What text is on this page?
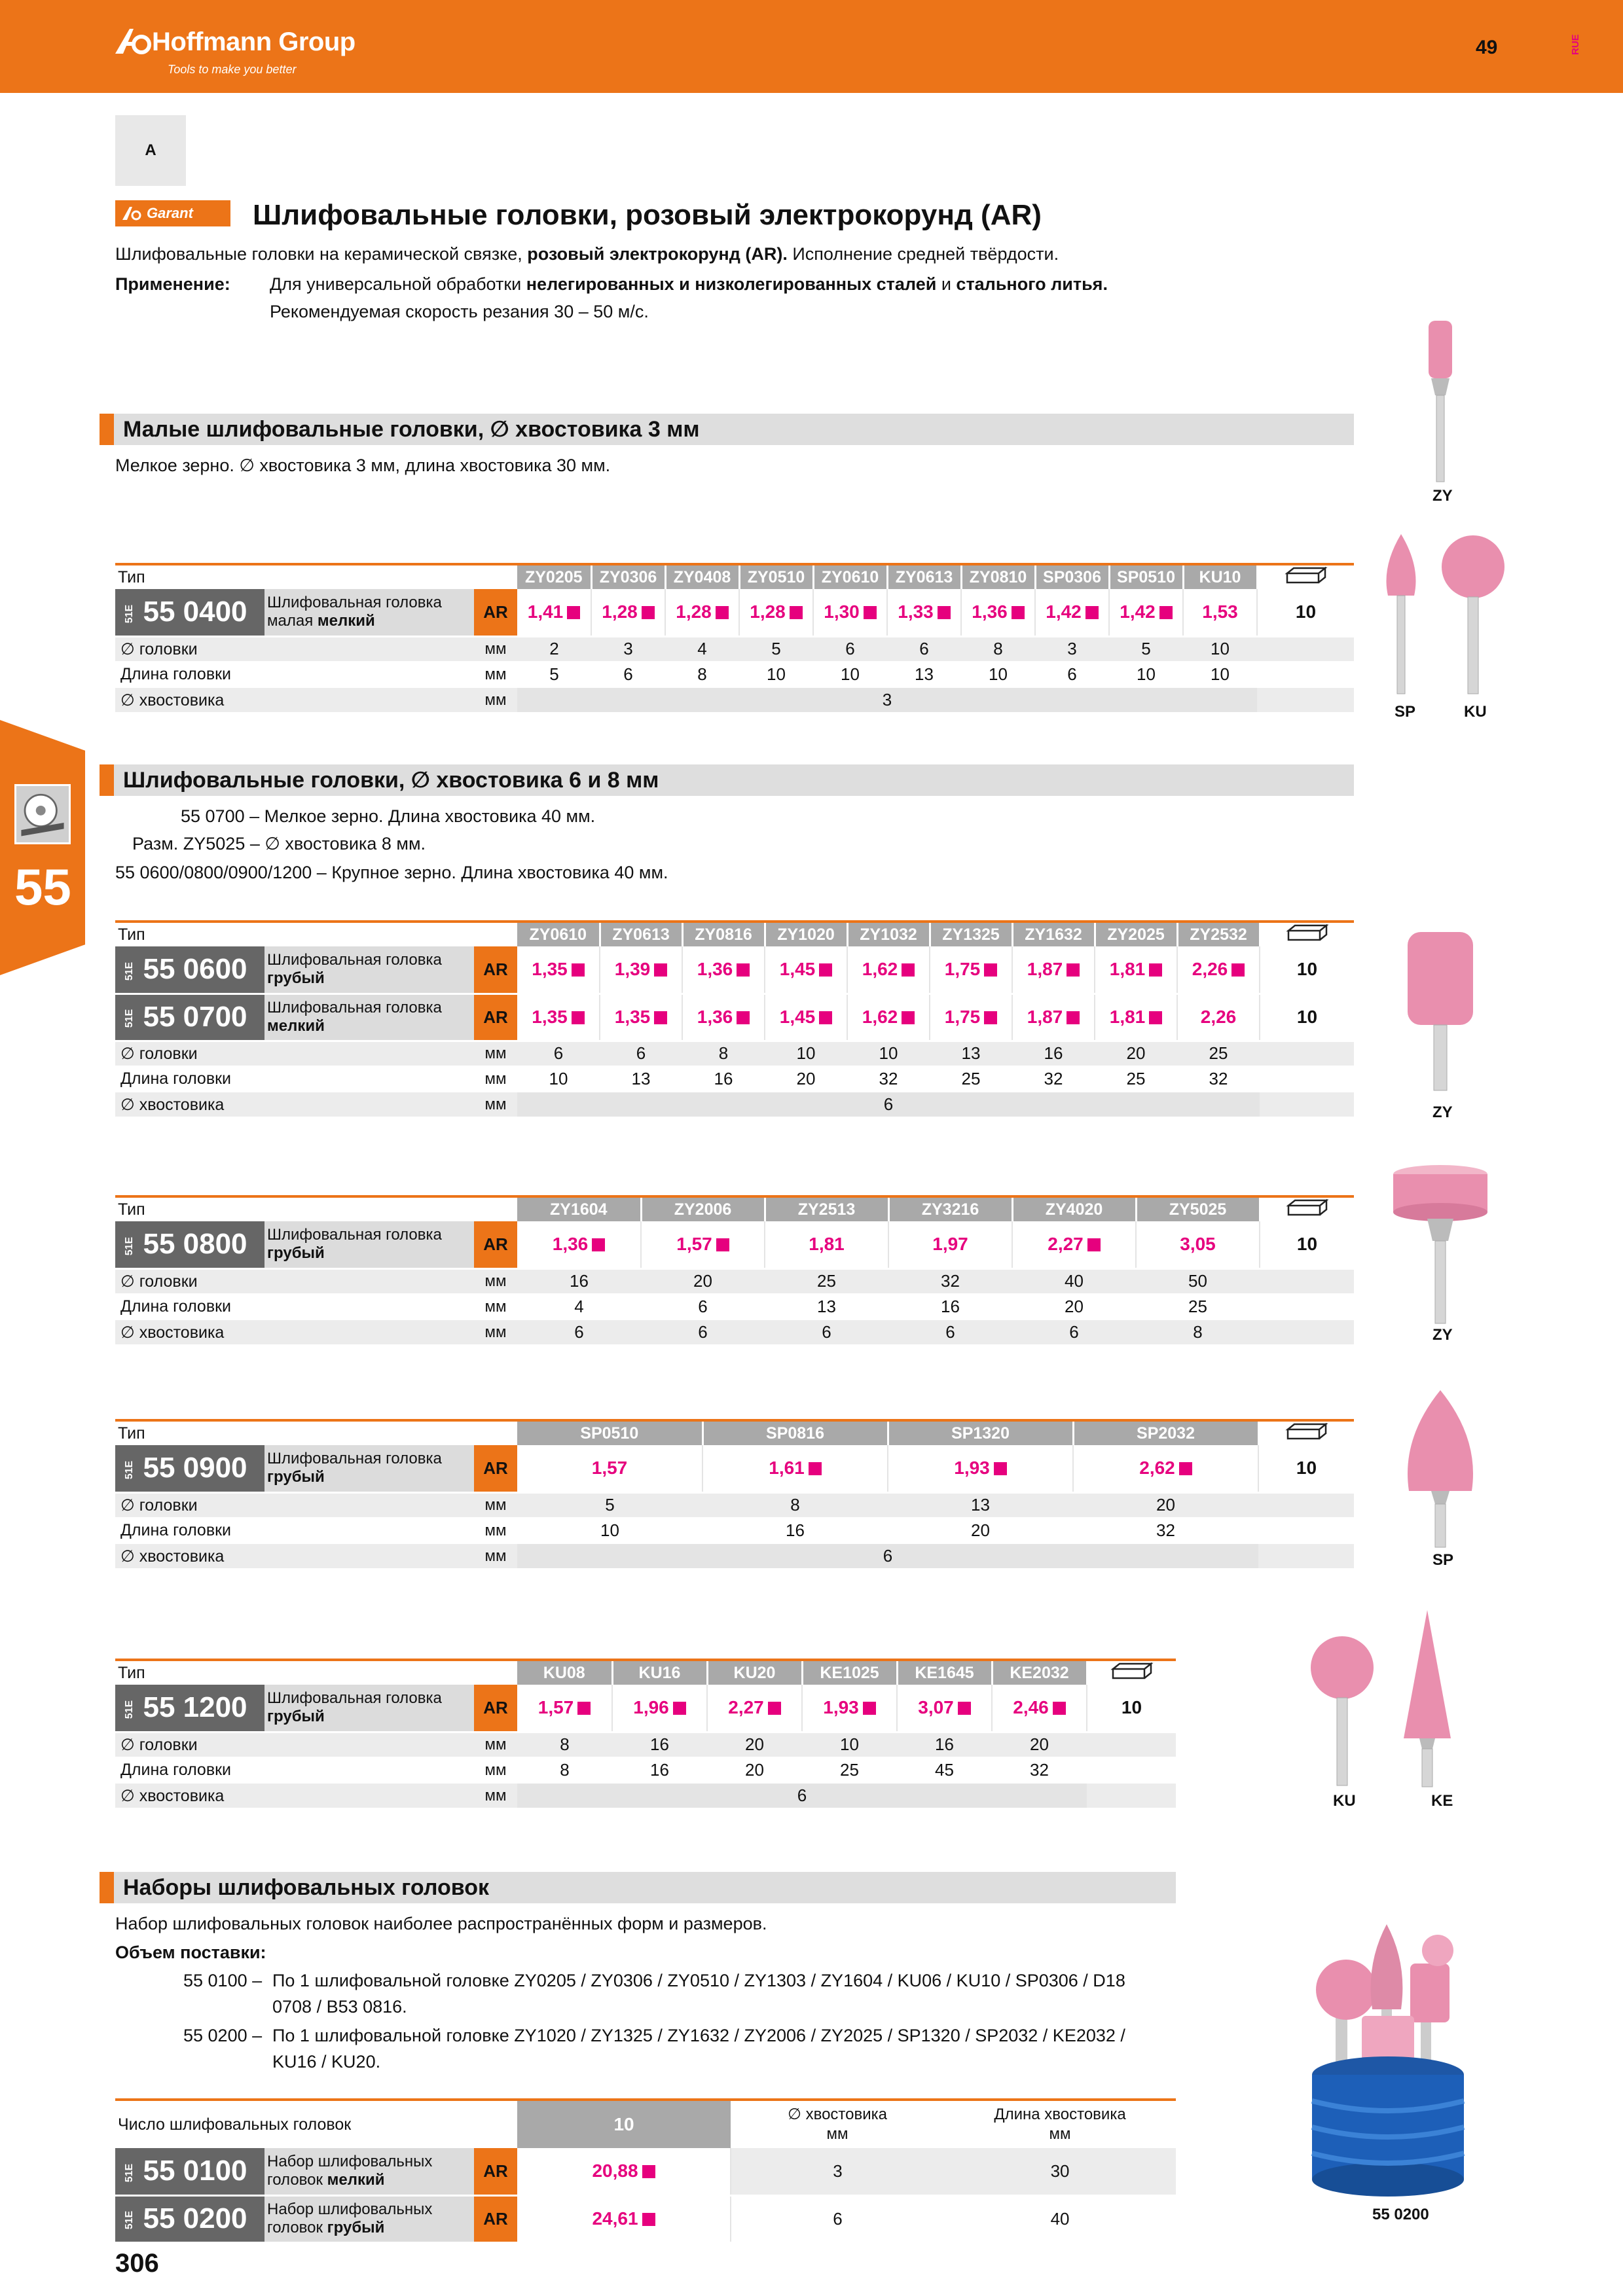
Hoffmann Group
Tools to make you better
49	RUE
55
A
Garant	Шлифовальные головки, розовый электрокорунд (AR)
Шлифовальные головки на керамической связке, розовый электрокорунд (AR). Исполнение средней твёрдости.
Применение: Для универсальной обработки нелегированных и низколегированных сталей и стального литья.
Рекомендуемая скорость резания 30 – 50 м/с.
Малые шлифовальные головки, ∅ хвостовика 3 мм
Мелкое зерно. ∅ хвостовика 3 мм, длина хвостовика 30 мм.
Тип			ZY0205	ZY0306	ZY0408	ZY0510	ZY0610	ZY0613	ZY0810	SP0306	SP0510	KU10	
51E 55 0400	Шлифовальная головка
малая мелкий	AR	1,41	1,28	1,28	1,28	1,30	1,33	1,36	1,42	1,42	1,53	10
∅ головки		мм	2	3	4	5	6	6	8	3	5	10	
Длина головки		мм	5	6	8	10	10	13	10	6	10	10	
∅ хвостовика		мм	3										
Шлифовальные головки, ∅ хвостовика 6 и 8 мм
55 0700 – Мелкое зерно. Длина хвостовика 40 мм.
Разм. ZY5025 – ∅ хвостовика 8 мм.
55 0600/0800/0900/1200 – Крупное зерно. Длина хвостовика 40 мм.
Тип			ZY0610	ZY0613	ZY0816	ZY1020	ZY1032	ZY1325	ZY1632	ZY2025	ZY2532	
51E 55 0600	Шлифовальная головка
грубый	AR	1,35	1,39	1,36	1,45	1,62	1,75	1,87	1,81	2,26	10
51E 55 0700	Шлифовальная головка
мелкий	AR	1,35	1,35	1,36	1,45	1,62	1,75	1,87	1,81	2,26	10
∅ головки		мм	6	6	8	10	10	13	16	20	25	
Длина головки		мм	10	13	16	20	32	25	32	25	32	
∅ хвостовика		мм	6									
Тип			ZY1604	ZY2006	ZY2513	ZY3216	ZY4020	ZY5025	
51E 55 0800	Шлифовальная головка
грубый	AR	1,36	1,57	1,81	1,97	2,27	3,05	10
∅ головки		мм	16	20	25	32	40	50	
Длина головки		мм	4	6	13	16	20	25	
∅ хвостовика		мм	6	6	6	6	6	8	
Тип			SP0510	SP0816	SP1320	SP2032	
51E 55 0900	Шлифовальная головка
грубый	AR	1,57	1,61	1,93	2,62	10
∅ головки		мм	5	8	13	20	
Длина головки		мм	10	16	20	32	
∅ хвостовика		мм	6				
Тип			KU08	KU16	KU20	KE1025	KE1645	KE2032	
51E 55 1200	Шлифовальная головка
грубый	AR	1,57	1,96	2,27	1,93	3,07	2,46	10
∅ головки		мм	8	16	20	10	16	20	
Длина головки		мм	8	16	20	25	45	32	
∅ хвостовика		мм	6						
Наборы шлифовальных головок
Набор шлифовальных головок наиболее распространённых форм и размеров.
Объем поставки:
55 0100 – По 1 шлифовальной головке ZY0205 / ZY0306 / ZY0510 / ZY1303 / ZY1604 / KU06 / KU10 / SP0306 / D18
0708 / B53 0816.
55 0200 – По 1 шлифовальной головке ZY1020 / ZY1325 / ZY1632 / ZY2006 / ZY2025 / SP1320 / SP2032 / KE2032 /
KU16 / KU20.
Число шлифовальных головок			10	∅ хвостовика
мм	Длина хвостовика
мм
51E 55 0100	Набор шлифовальных
головок мелкий	AR	20,88	3	30
51E 55 0200	Набор шлифовальных
головок грубый	AR	24,61	6	40
ZY
SP	KU
ZY
ZY
SP
KU	KE
55 0200
306
